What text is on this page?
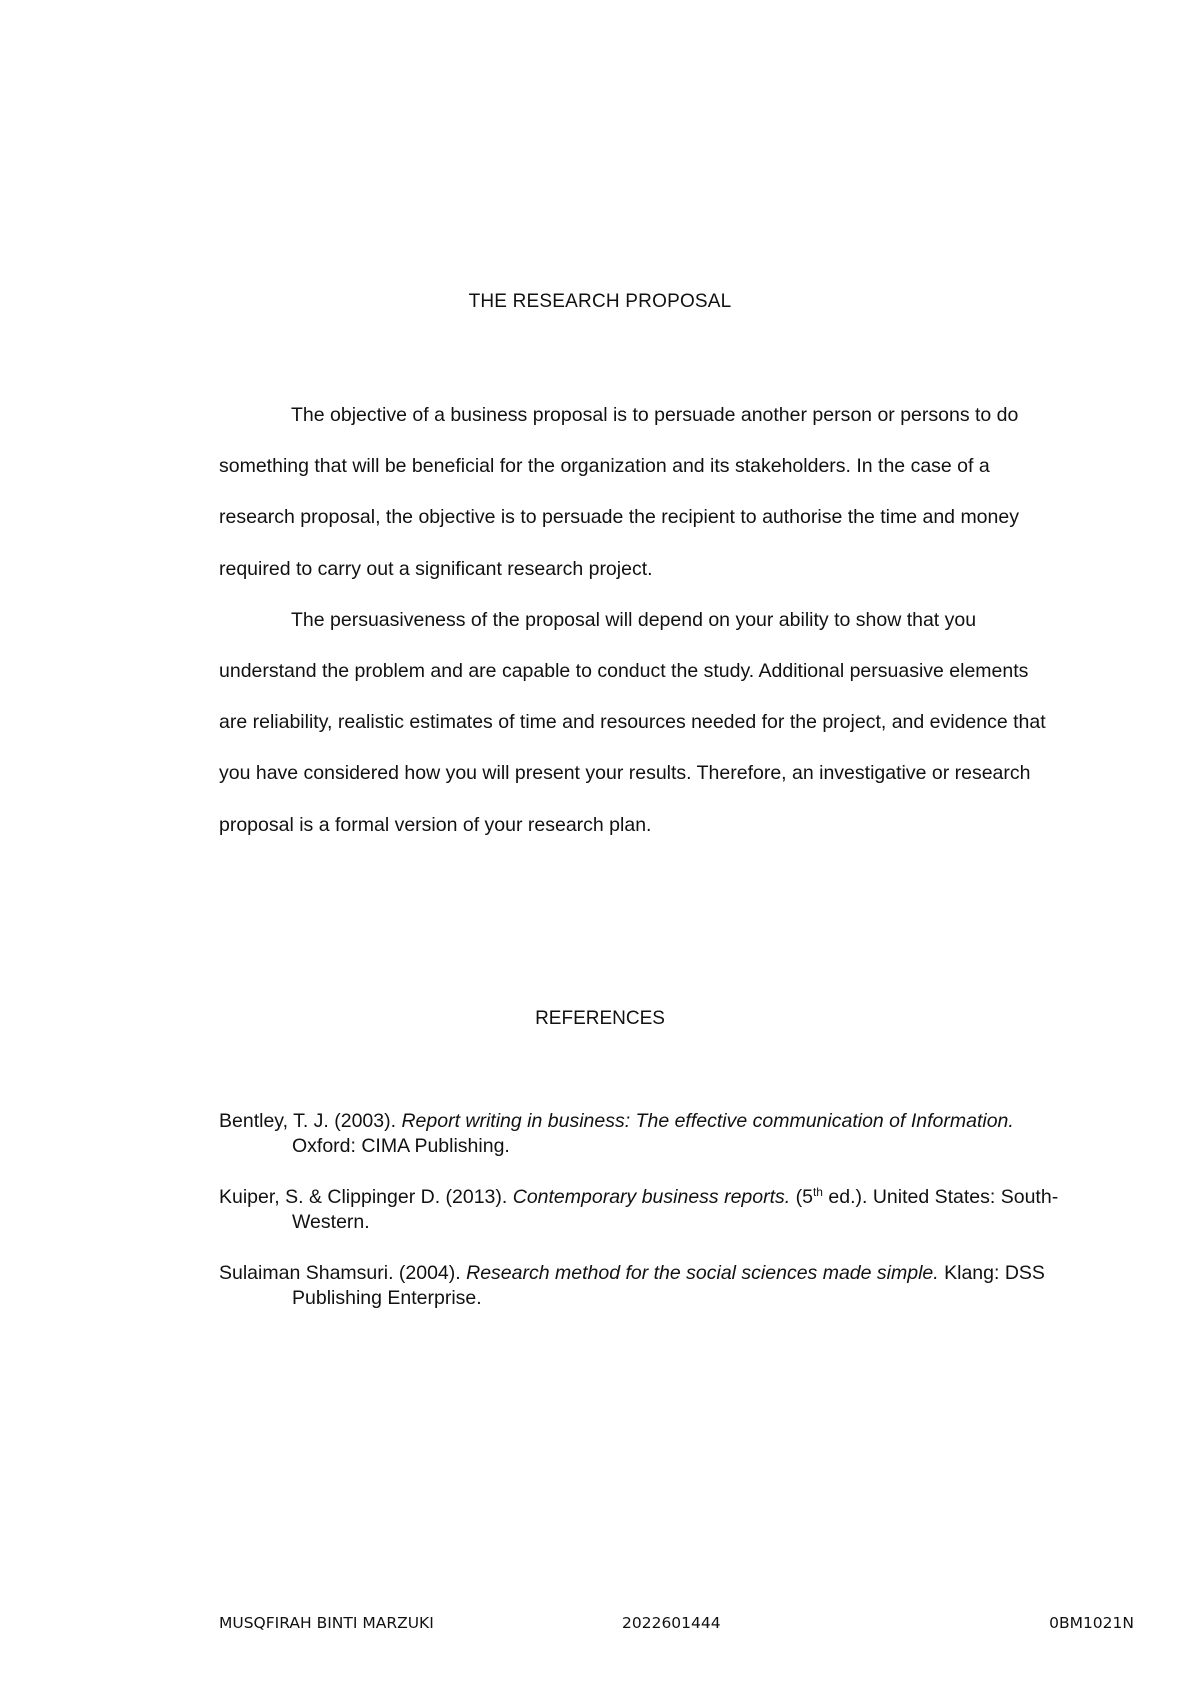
THE RESEARCH PROPOSAL

The objective of a business proposal is to persuade another person or persons to do something that will be beneficial for the organization and its stakeholders. In the case of a research proposal, the objective is to persuade the recipient to authorise the time and money required to carry out a significant research project.

The persuasiveness of the proposal will depend on your ability to show that you understand the problem and are capable to conduct the study. Additional persuasive elements are reliability, realistic estimates of time and resources needed for the project, and evidence that you have considered how you will present your results. Therefore, an investigative or research proposal is a formal version of your research plan.

REFERENCES

Bentley, T. J. (2003). Report writing in business: The effective communication of Information. Oxford: CIMA Publishing.

Kuiper, S. & Clippinger D. (2013). Contemporary business reports. (5th ed.). United States: South-Western.

Sulaiman Shamsuri. (2004). Research method for the social sciences made simple. Klang: DSS Publishing Enterprise.

MUSQFIRAH BINTI MARZUKI	2022601444	0BM1021N
